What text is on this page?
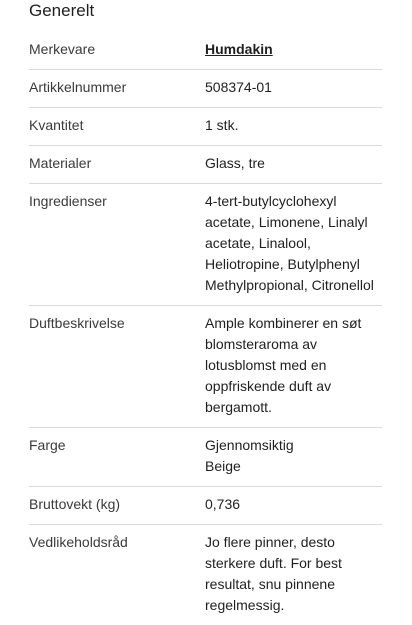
Generelt
Merkevare	Humdakin
Artikkelnummer	508374-01
Kvantitet	1 stk.
Materialer	Glass, tre
Ingredienser	4-tert-butylcyclohexyl acetate, Limonene, Linalyl acetate, Linalool, Heliotropine, Butylphenyl Methylpropional, Citronellol
Duftbeskrivelse	Ample kombinerer en søt blomsteraroma av lotusblomst med en oppfriskende duft av bergamott.
Farge	Gjennomsiktig
Beige
Bruttovekt (kg)	0,736
Vedlikeholdsråd	Jo flere pinner, desto sterkere duft. For best resultat, snu pinnene regelmessig.
